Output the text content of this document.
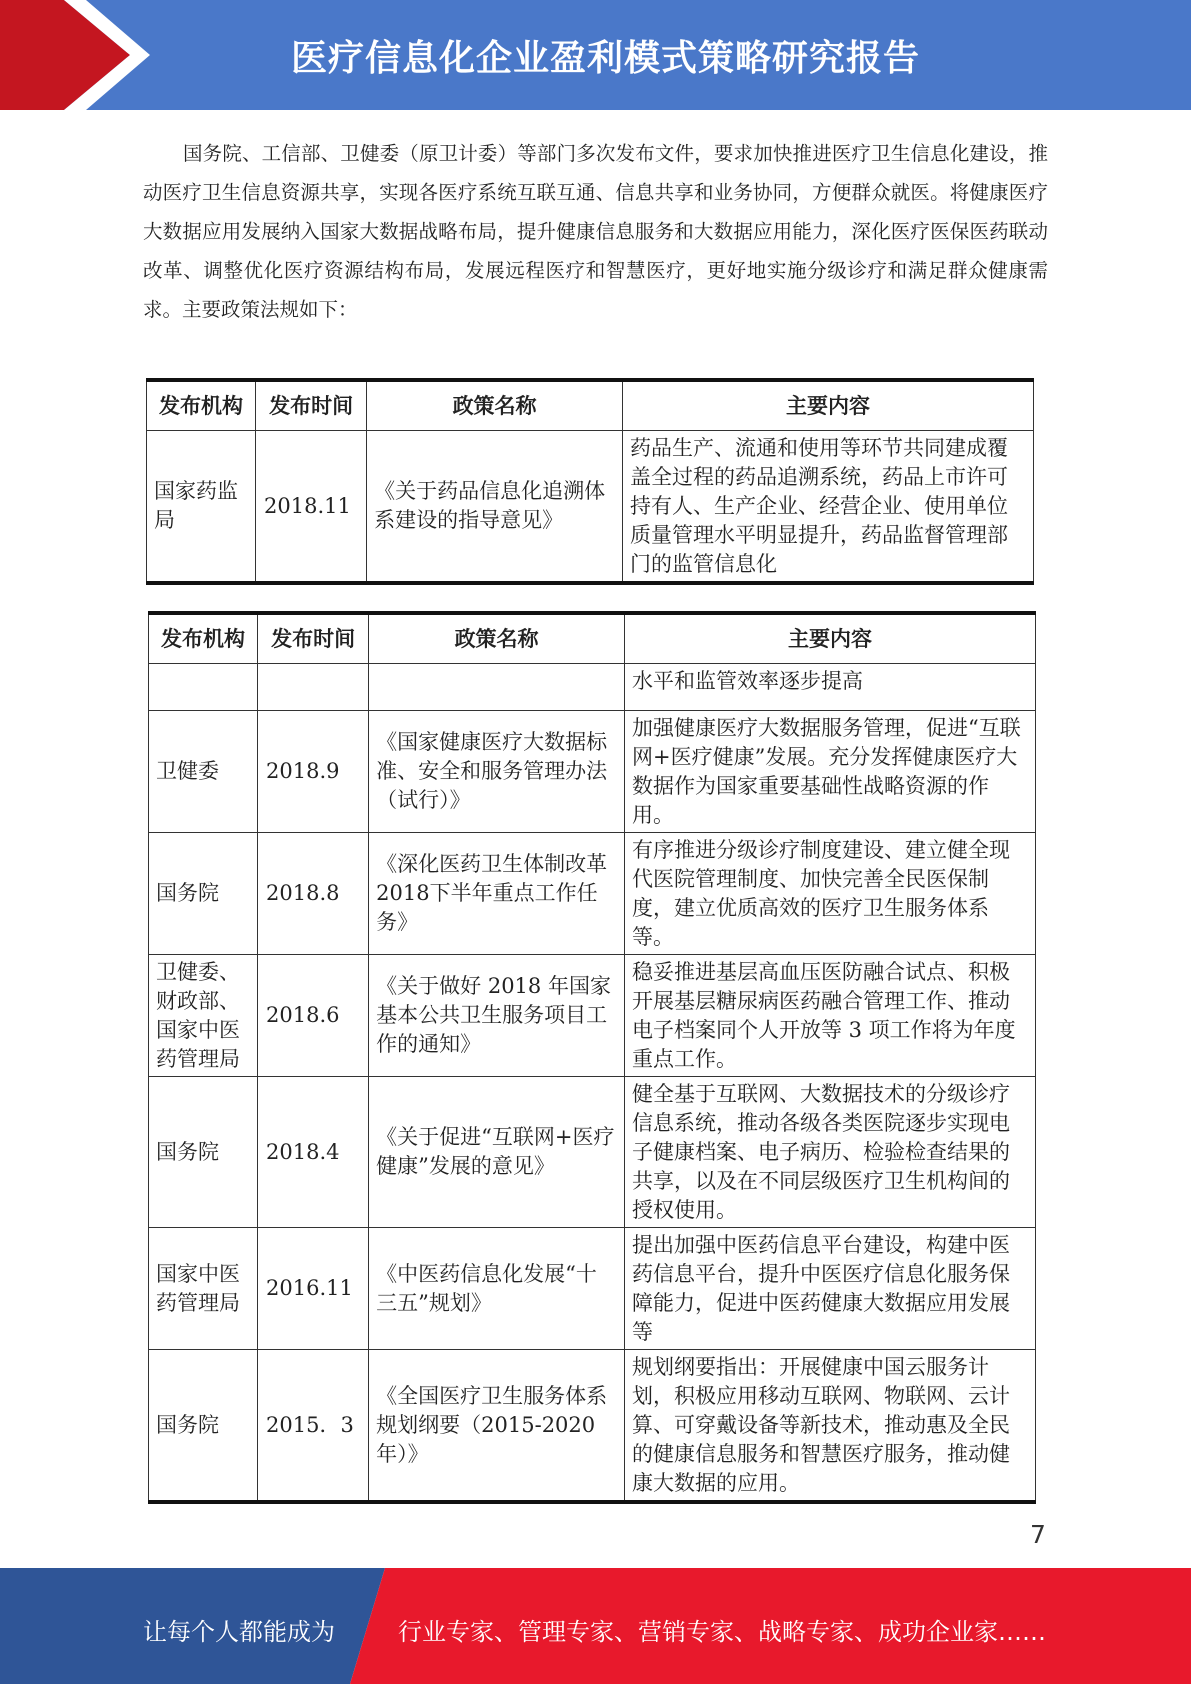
医疗信息化企业盈利模式策略研究报告
国务院、工信部、卫健委（原卫计委）等部门多次发布文件，要求加快推进医疗卫生信息化建设，推动医疗卫生信息资源共享，实现各医疗系统互联互通、信息共享和业务协同，方便群众就医。将健康医疗大数据应用发展纳入国家大数据战略布局，提升健康信息服务和大数据应用能力，深化医疗医保医药联动改革、调整优化医疗资源结构布局，发展远程医疗和智慧医疗，更好地实施分级诊疗和满足群众健康需求。主要政策法规如下：
发布机构	发布时间	政策名称	主要内容
国家药监局	2018.11	《关于药品信息化追溯体系建设的指导意见》	药品生产、流通和使用等环节共同建成覆盖全过程的药品追溯系统，药品上市许可持有人、生产企业、经营企业、使用单位质量管理水平明显提升，药品监督管理部门的监管信息化
发布机构	发布时间	政策名称	主要内容
			水平和监管效率逐步提高
卫健委	2018.9	《国家健康医疗大数据标准、安全和服务管理办法（试行）》	加强健康医疗大数据服务管理，促进“互联网+医疗健康”发展。充分发挥健康医疗大数据作为国家重要基础性战略资源的作用。
国务院	2018.8	《深化医药卫生体制改革2018下半年重点工作任务》	有序推进分级诊疗制度建设、建立健全现代医院管理制度、加快完善全民医保制度，建立优质高效的医疗卫生服务体系等。
卫健委、财政部、国家中医药管理局	2018.6	《关于做好 2018 年国家基本公共卫生服务项目工作的通知》	稳妥推进基层高血压医防融合试点、积极开展基层糖尿病医药融合管理工作、推动电子档案同个人开放等 3 项工作将为年度重点工作。
国务院	2018.4	《关于促进“互联网+医疗健康”发展的意见》	健全基于互联网、大数据技术的分级诊疗信息系统，推动各级各类医院逐步实现电子健康档案、电子病历、检验检查结果的共享，以及在不同层级医疗卫生机构间的授权使用。
国家中医药管理局	2016.11	《中医药信息化发展“十三五”规划》	提出加强中医药信息平台建设，构建中医药信息平台，提升中医医疗信息化服务保障能力，促进中医药健康大数据应用发展等
国务院	2015．3	《全国医疗卫生服务体系规划纲要（2015-2020年）》	规划纲要指出：开展健康中国云服务计划，积极应用移动互联网、物联网、云计算、可穿戴设备等新技术，推动惠及全民的健康信息服务和智慧医疗服务，推动健康大数据的应用。
7
让每个人都能成为	行业专家、管理专家、营销专家、战略专家、成功企业家……
